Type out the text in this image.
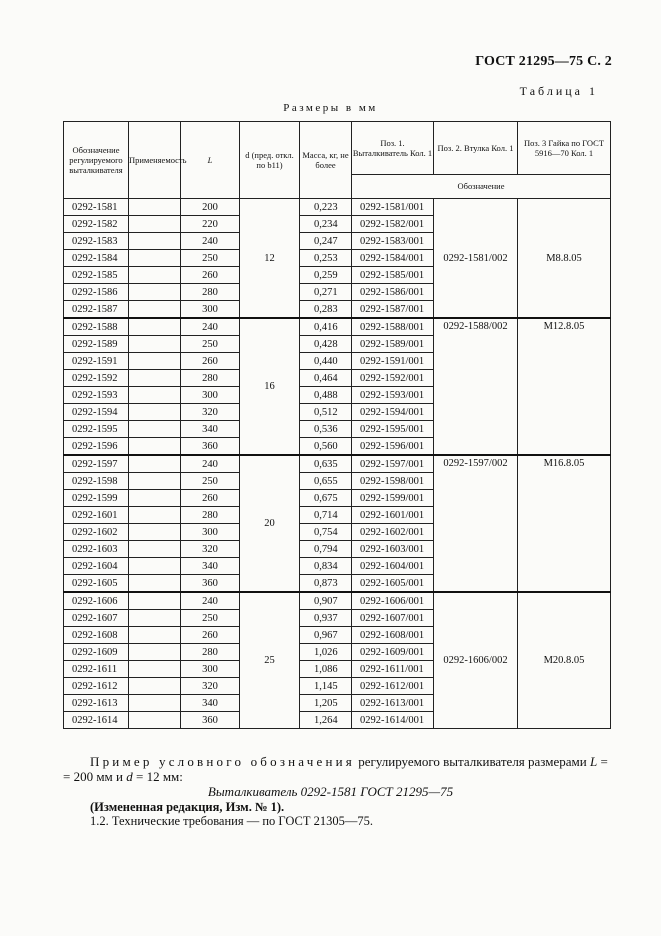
ГОСТ 21295—75 С. 2
Таблица 1
Размеры в мм
Обозначение регулируемого выталкивателя	Применяемость	L	d (пред. откл. по b11)	Масса, кг, не более	Поз. 1. Выталкиватель Кол. 1	Поз. 2. Втулка Кол. 1	Поз. 3 Гайка по ГОСТ 5916—70 Кол. 1
					Обозначение		
0292-1581		200	12	0,223	0292-1581/001	0292-1581/002	М8.8.05
0292-1582		220		0,234	0292-1582/001		
0292-1583		240		0,247	0292-1583/001		
0292-1584		250		0,253	0292-1584/001		
0292-1585		260		0,259	0292-1585/001		
0292-1586		280		0,271	0292-1586/001		
0292-1587		300		0,283	0292-1587/001		
0292-1588		240	16	0,416	0292-1588/001	0292-1588/002	М12.8.05
0292-1589		250		0,428	0292-1589/001		
0292-1591		260		0,440	0292-1591/001		
0292-1592		280		0,464	0292-1592/001		
0292-1593		300		0,488	0292-1593/001		
0292-1594		320		0,512	0292-1594/001		
0292-1595		340		0,536	0292-1595/001		
0292-1596		360		0,560	0292-1596/001		
0292-1597		240	20	0,635	0292-1597/001	0292-1597/002	М16.8.05
0292-1598		250		0,655	0292-1598/001		
0292-1599		260		0,675	0292-1599/001		
0292-1601		280		0,714	0292-1601/001		
0292-1602		300		0,754	0292-1602/001		
0292-1603		320		0,794	0292-1603/001		
0292-1604		340		0,834	0292-1604/001		
0292-1605		360		0,873	0292-1605/001		
0292-1606		240	25	0,907	0292-1606/001	0292-1606/002	М20.8.05
0292-1607		250		0,937	0292-1607/001		
0292-1608		260		0,967	0292-1608/001		
0292-1609		280		1,026	0292-1609/001		
0292-1611		300		1,086	0292-1611/001		
0292-1612		320		1,145	0292-1612/001		
0292-1613		340		1,205	0292-1613/001		
0292-1614		360		1,264	0292-1614/001		
Пример условного обозначения регулируемого выталкивателя размерами L =
= 200 мм и d = 12 мм:
Выталкиватель 0292-1581 ГОСТ 21295—75
(Измененная редакция, Изм. № 1).
1.2. Технические требования — по ГОСТ 21305—75.
